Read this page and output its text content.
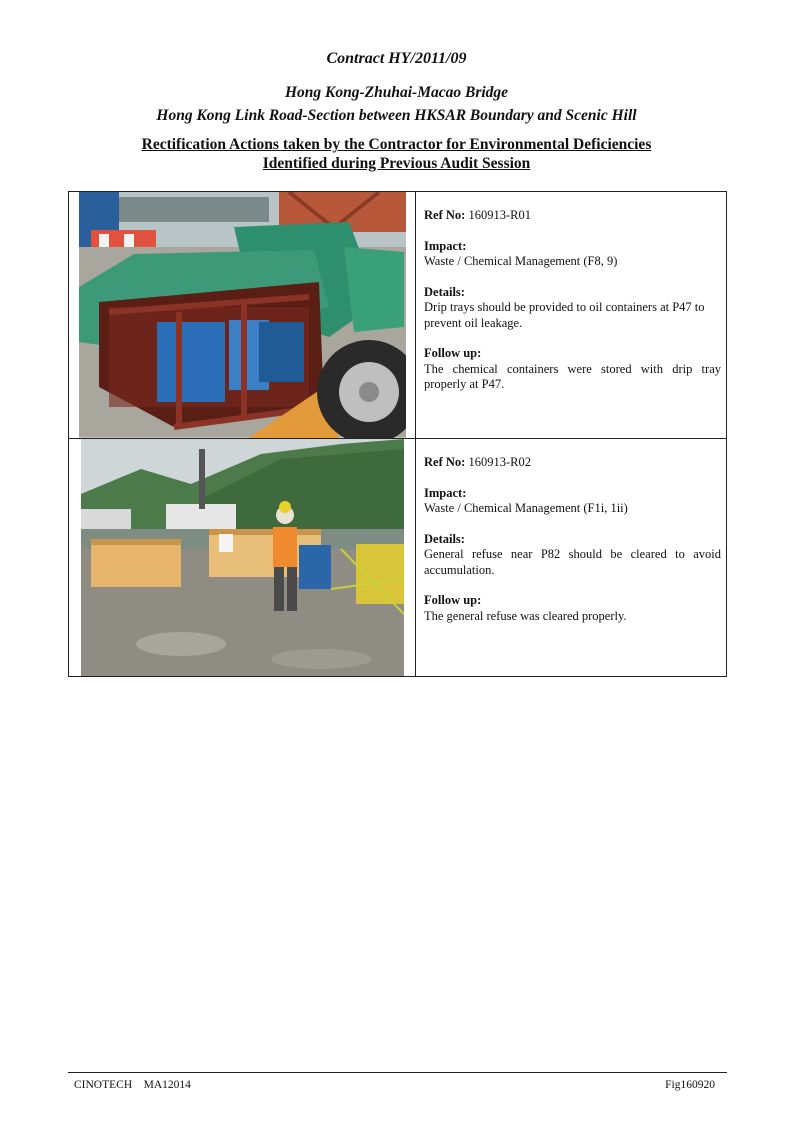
Contract HY/2011/09
Hong Kong-Zhuhai-Macao Bridge
Hong Kong Link Road-Section between HKSAR Boundary and Scenic Hill
Rectification Actions taken by the Contractor for Environmental Deficiencies
Identified during Previous Audit Session
Ref No: 160913-R01
Impact:
Waste / Chemical Management (F8, 9)
Details:
Drip trays should be provided to oil containers at P47 to prevent oil leakage.
Follow up:
The chemical containers were stored with drip tray properly at P47.
Ref No: 160913-R02
Impact:
Waste / Chemical Management (F1i, 1ii)
Details:
General refuse near P82 should be cleared to avoid accumulation.
Follow up:
The general refuse was cleared properly.
CINOTECH    MA12014	Fig160920
